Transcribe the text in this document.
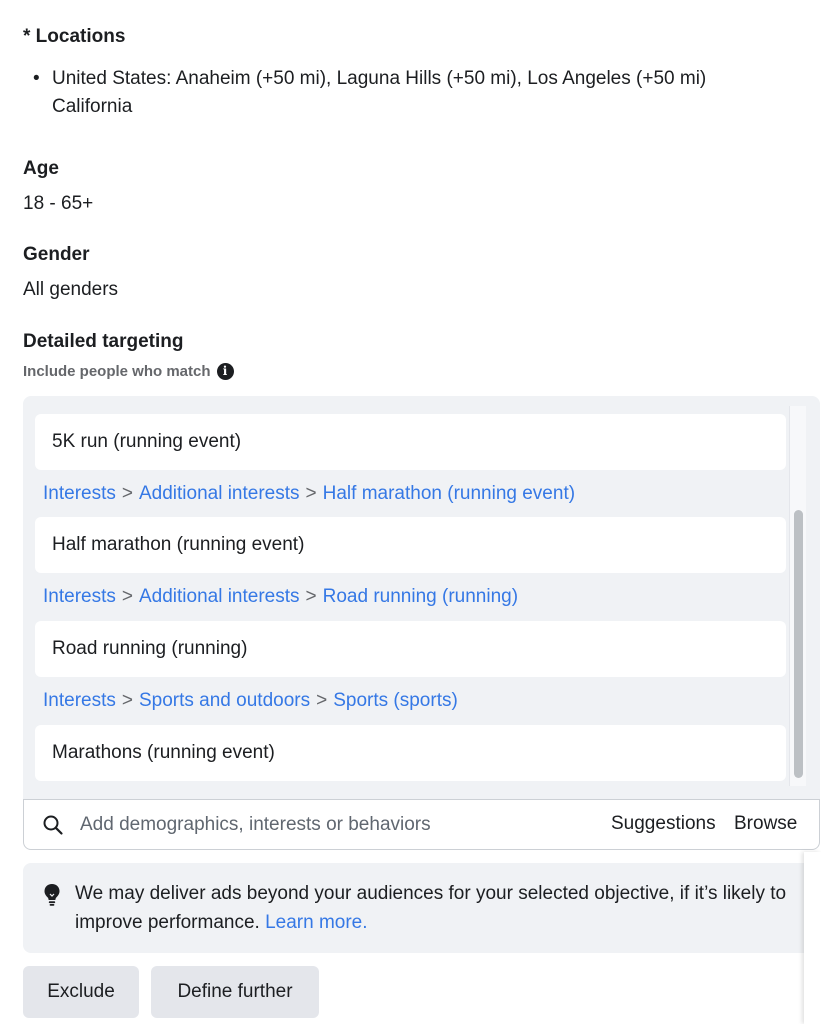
* Locations
• United States: Anaheim (+50 mi), Laguna Hills (+50 mi), Los Angeles (+50 mi) California
Age
18 - 65+
Gender
All genders
Detailed targeting
Include people who match	i
5K run (running event)
Interests > Additional interests > Half marathon (running event)
Half marathon (running event)
Interests > Additional interests > Road running (running)
Road running (running)
Interests > Sports and outdoors > Sports (sports)
Marathons (running event)
Add demographics, interests or behaviors
Suggestions Browse
We may deliver ads beyond your audiences for your selected objective, if it’s likely to improve performance. Learn more.
Exclude	Define further
